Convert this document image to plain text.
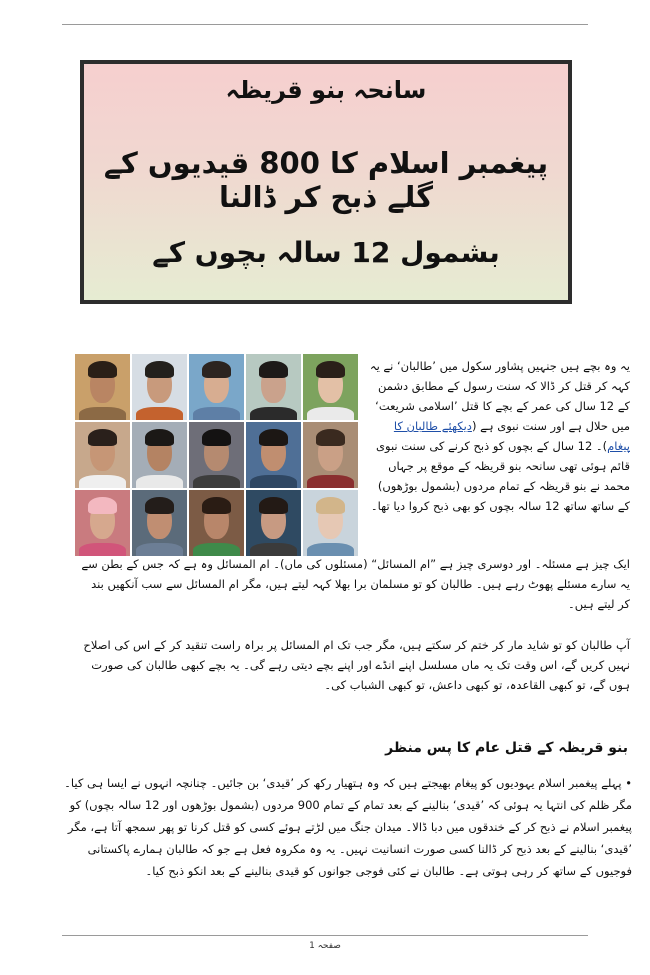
سانحہ بنو قریظہ
پیغمبر اسلام کا 800 قیدیوں کے گلے ذبح کر ڈالنا
بشمول 12 سالہ بچوں کے
یہ وہ بچے ہیں جنہیں پشاور سکول میں ’طالبان‘ نے یہ کہہ کر قتل کر ڈالا کہ سنت رسول کے مطابق دشمن کے 12 سال کی عمر کے بچے کا قتل ’اسلامی شریعت‘ میں حلال ہے اور سنت نبوی ہے (دیکھئے طالبان کا پیغام)۔ 12 سال کے بچوں کو ذبح کرنے کی سنت نبوی قائم ہوئی تھی سانحہ بنو قریظہ کے موقع پر جہاں محمد نے بنو قریظہ کے تمام مردوں (بشمول بوڑھوں) کے ساتھ ساتھ 12 سالہ بچوں کو بھی ذبح کروا دیا تھا۔
ایک چیز ہے مسئلہ۔ اور دوسری چیز ہے ”ام المسائل“ (مسئلوں کی ماں)۔ ام المسائل وہ ہے کہ جس کے بطن سے یہ سارے مسئلے پھوٹ رہے ہیں۔ طالبان کو تو مسلمان برا بھلا کہہ لیتے ہیں، مگر ام المسائل سے سب آنکھیں بند کر لیتے ہیں۔
آپ طالبان کو تو شاید مار کر ختم کر سکتے ہیں، مگر جب تک ام المسائل پر براہ راست تنقید کر کے اس کی اصلاح نہیں کریں گے، اس وقت تک یہ ماں مسلسل اپنے انڈے اور اپنے بچے دیتی رہے گی۔ یہ بچے کبھی طالبان کی صورت ہوں گے، تو کبھی القاعدہ، تو کبھی داعش، تو کبھی الشباب کی۔
بنو قریظہ کے قتل عام کا پس منظر
• پہلے پیغمبر اسلام یہودیوں کو پیغام بھیجتے ہیں کہ وہ ہتھیار رکھ کر ’قیدی‘ بن جائیں۔ چنانچہ انہوں نے ایسا ہی کیا۔ مگر ظلم کی انتہا یہ ہوئی کہ ’قیدی‘ بنالینے کے بعد تمام کے تمام 900 مردوں (بشمول بوڑھوں اور 12 سالہ بچوں) کو پیغمبر اسلام نے ذبح کر کے خندقوں میں دبا ڈالا۔ میدان جنگ میں لڑتے ہوئے کسی کو قتل کرنا تو پھر سمجھ آتا ہے، مگر ’قیدی‘ بنالینے کے بعد ذبح کر ڈالنا کسی صورت انسانیت نہیں۔ یہ وہ مکروہ فعل ہے جو کہ طالبان ہمارے پاکستانی فوجیوں کے ساتھ کر رہی ہوتی ہے۔ طالبان نے کئی فوجی جوانوں کو قیدی بنالینے کے بعد انکو ذبح کیا۔
صفحہ 1
